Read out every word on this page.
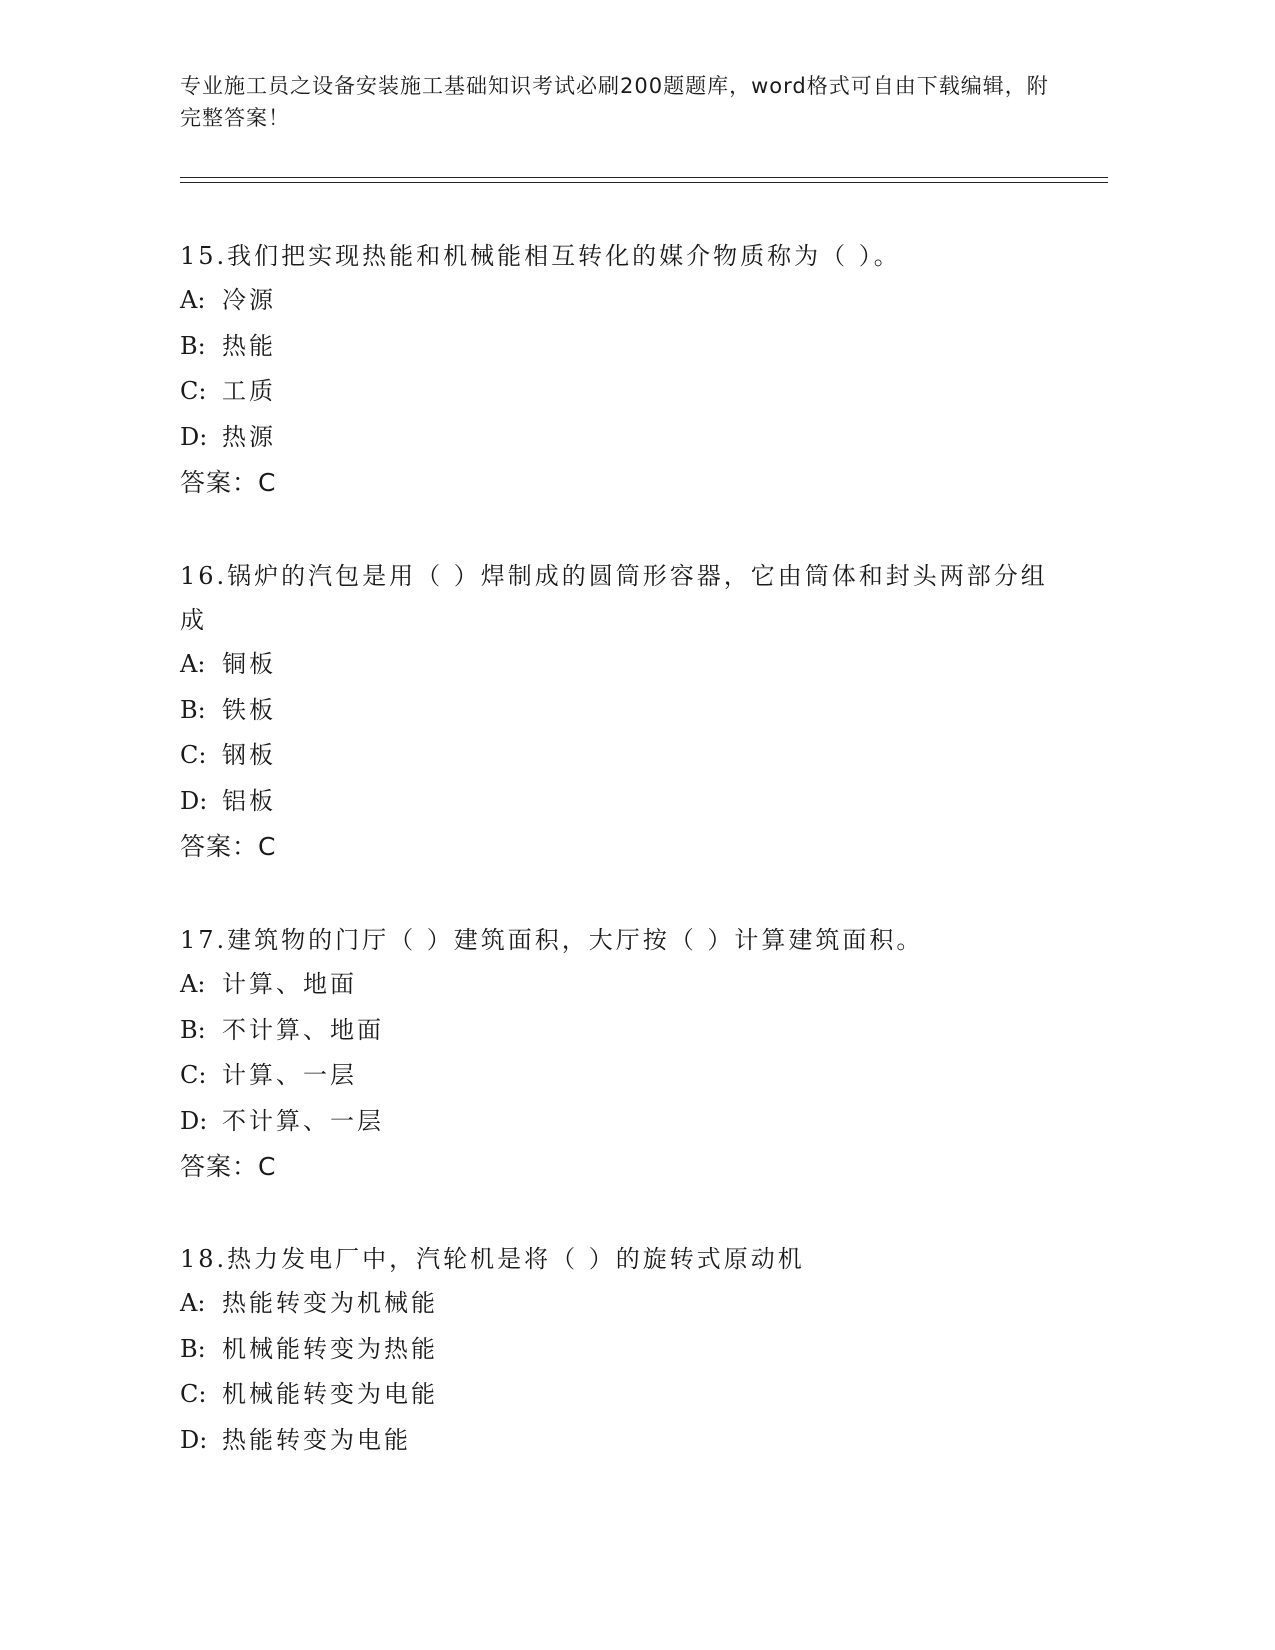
专业施工员之设备安装施工基础知识考试必刷200题题库，word格式可自由下载编辑，附完整答案！

15.我们把实现热能和机械能相互转化的媒介物质称为（ ）。

A: 冷源

B: 热能

C: 工质

D: 热源

答案：C

16.锅炉的汽包是用（ ）焊制成的圆筒形容器，它由筒体和封头两部分组成

A: 铜板

B: 铁板

C: 钢板

D: 铝板

答案：C

17.建筑物的门厅（ ）建筑面积，大厅按（ ）计算建筑面积。

A: 计算、地面

B: 不计算、地面

C: 计算、一层

D: 不计算、一层

答案：C

18.热力发电厂中，汽轮机是将（ ）的旋转式原动机

A: 热能转变为机械能

B: 机械能转变为热能

C: 机械能转变为电能

D: 热能转变为电能
